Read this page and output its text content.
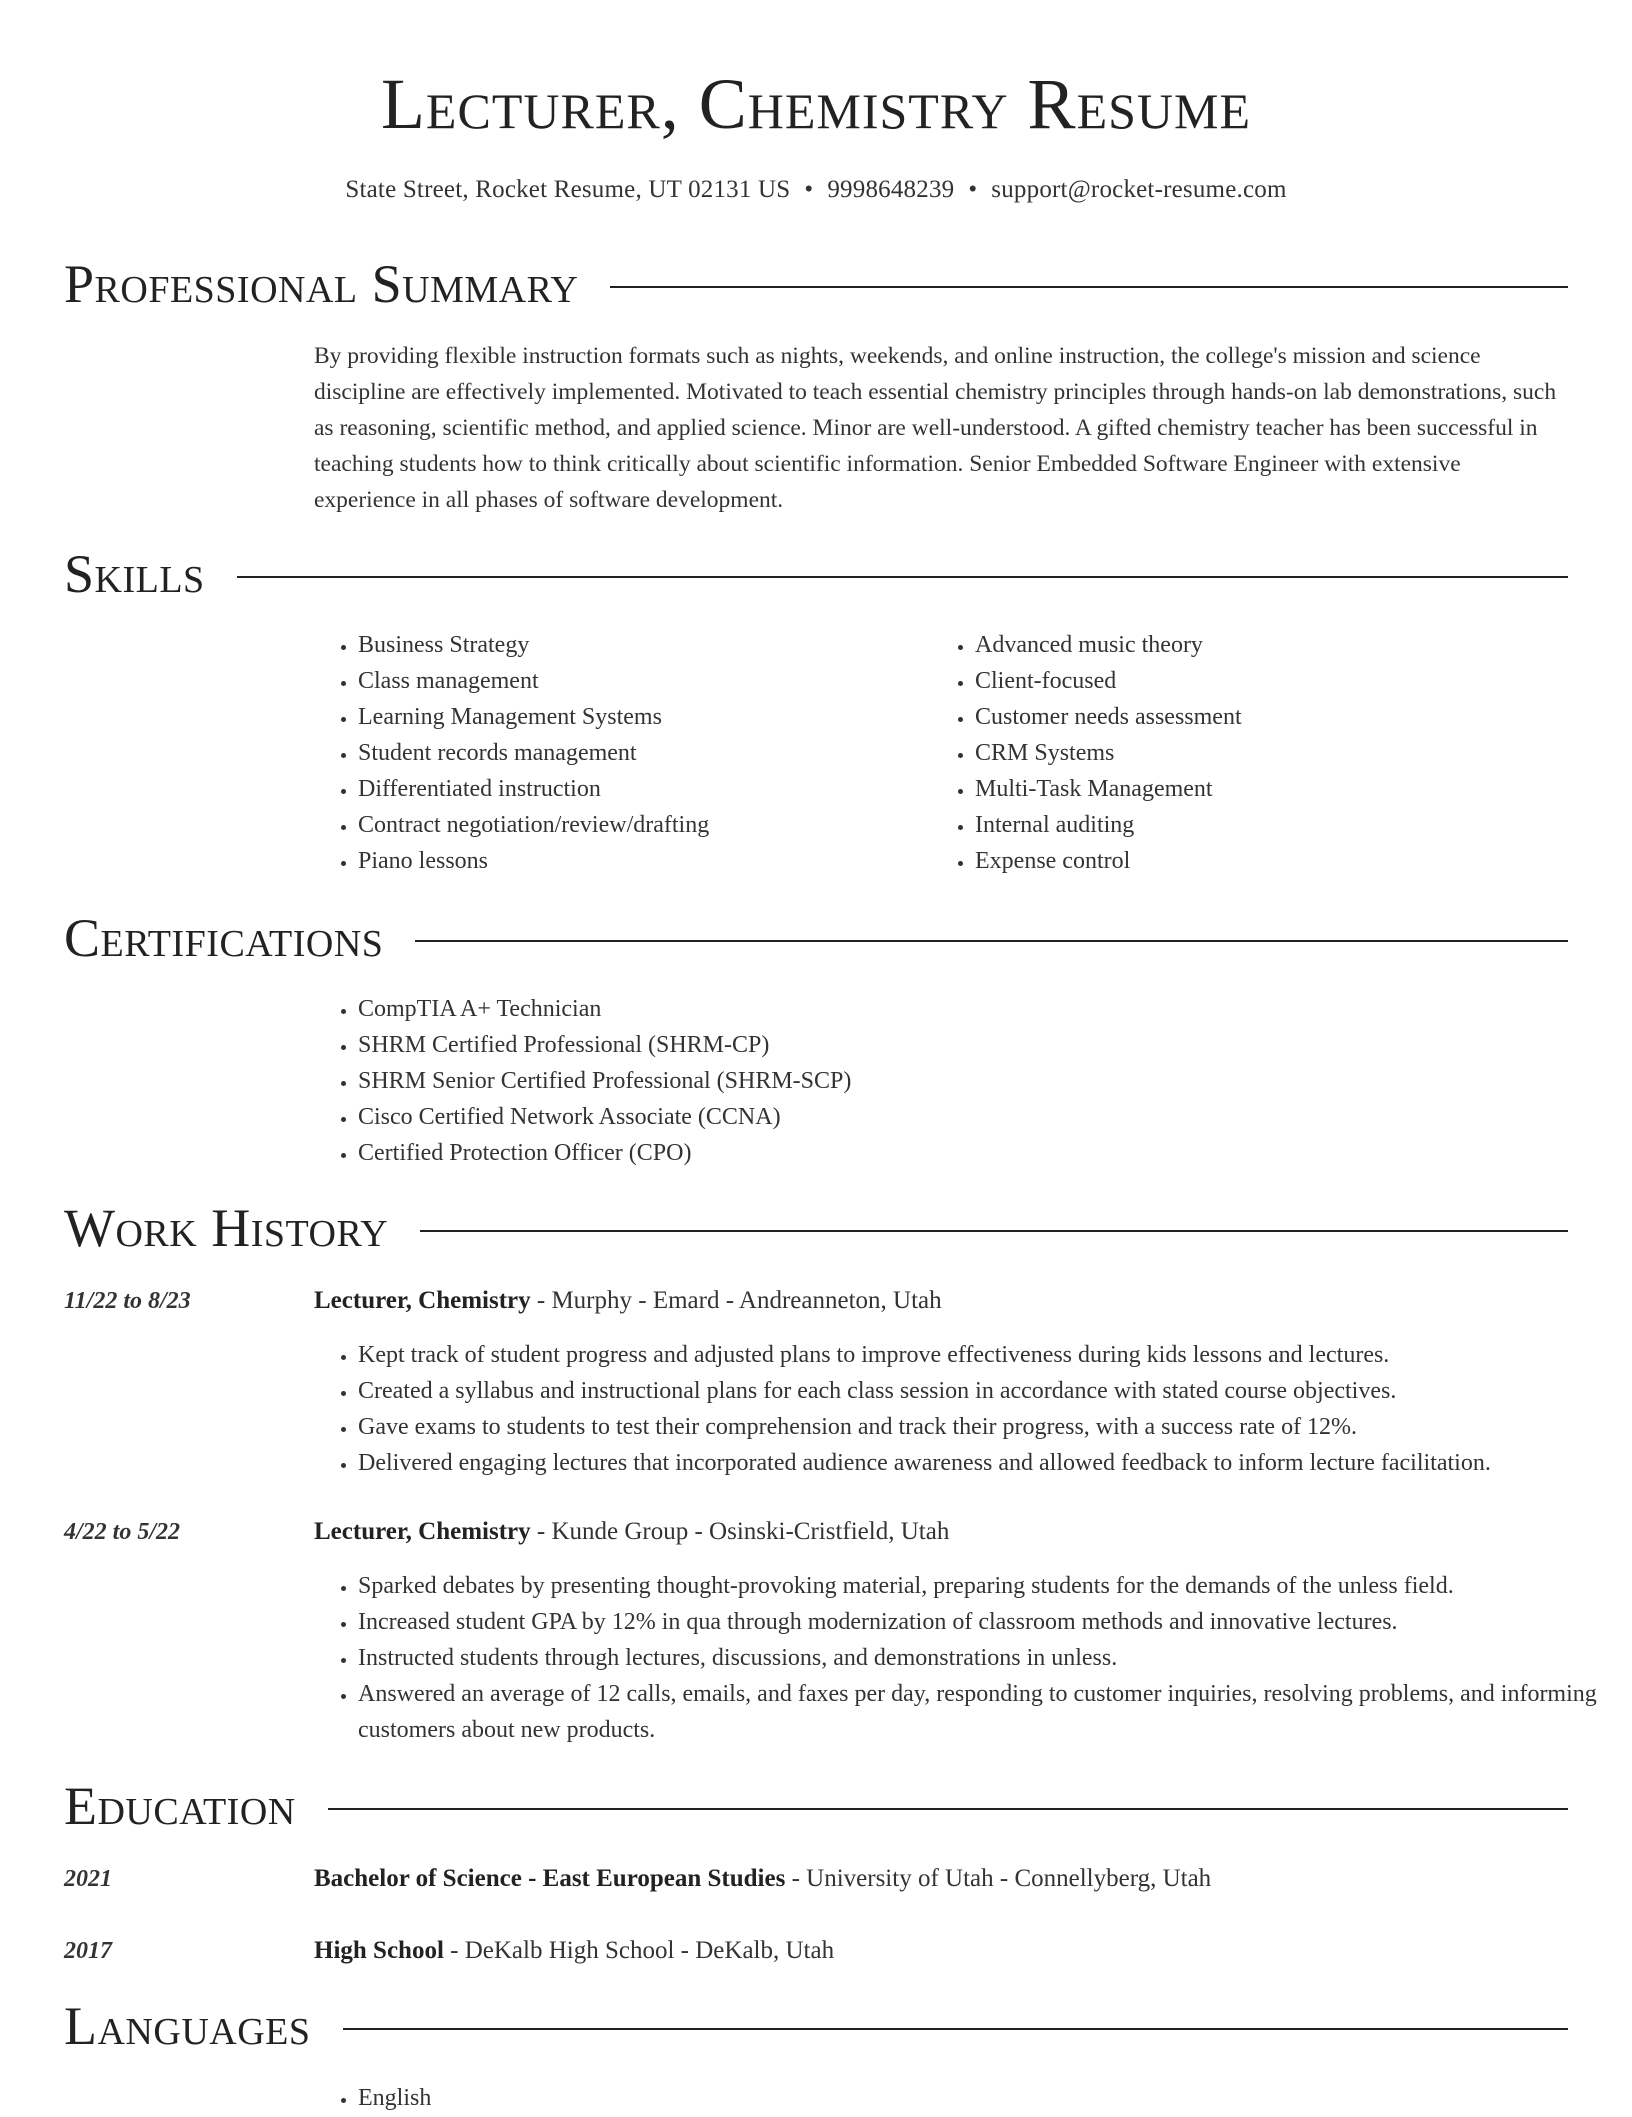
Lecturer, Chemistry Resume
State Street, Rocket Resume, UT 02131 US • 9998648239 • support@rocket-resume.com
Professional Summary

By providing flexible instruction formats such as nights, weekends, and online instruction, the college's mission and science discipline are effectively implemented. Motivated to teach essential chemistry principles through hands-on lab demonstrations, such as reasoning, scientific method, and applied science. Minor are well-understood. A gifted chemistry teacher has been successful in teaching students how to think critically about scientific information. Senior Embedded Software Engineer with extensive experience in all phases of software development.

Skills
• Business Strategy
• Class management
• Learning Management Systems
• Student records management
• Differentiated instruction
• Contract negotiation/review/drafting
• Piano lessons
• Advanced music theory
• Client-focused
• Customer needs assessment
• CRM Systems
• Multi-Task Management
• Internal auditing
• Expense control
Certifications
• CompTIA A+ Technician
• SHRM Certified Professional (SHRM-CP)
• SHRM Senior Certified Professional (SHRM-SCP)
• Cisco Certified Network Associate (CCNA)
• Certified Protection Officer (CPO)
Work History
11/22 to 8/23	Lecturer, Chemistry - Murphy - Emard - Andreanneton, Utah
• Kept track of student progress and adjusted plans to improve effectiveness during kids lessons and lectures.
• Created a syllabus and instructional plans for each class session in accordance with stated course objectives.
• Gave exams to students to test their comprehension and track their progress, with a success rate of 12%.
• Delivered engaging lectures that incorporated audience awareness and allowed feedback to inform lecture facilitation.
4/22 to 5/22	Lecturer, Chemistry - Kunde Group - Osinski-Cristfield, Utah
• Sparked debates by presenting thought-provoking material, preparing students for the demands of the unless field.
• Increased student GPA by 12% in qua through modernization of classroom methods and innovative lectures.
• Instructed students through lectures, discussions, and demonstrations in unless.
• Answered an average of 12 calls, emails, and faxes per day, responding to customer inquiries, resolving problems, and informing customers about new products.
Education
2021	Bachelor of Science - East European Studies - University of Utah - Connellyberg, Utah
2017	High School - DeKalb High School - DeKalb, Utah
Languages
• English
